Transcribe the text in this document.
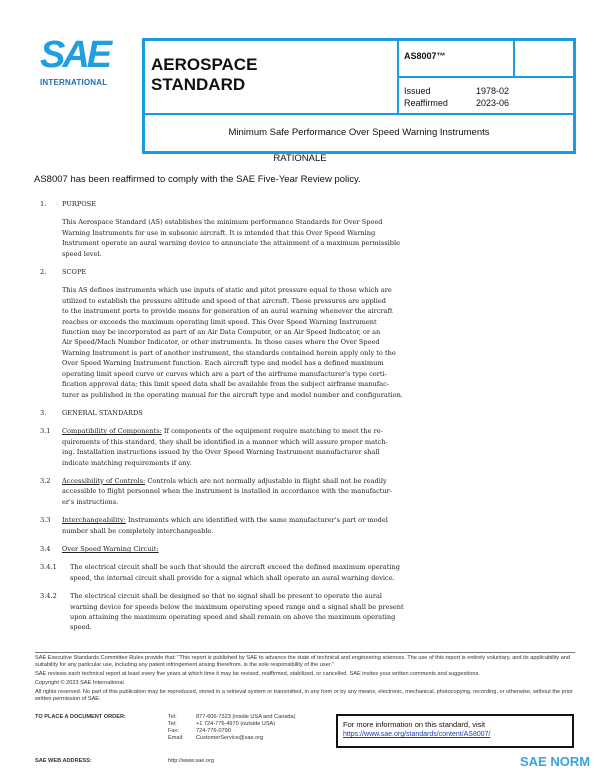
SAE
INTERNATIONAL
AEROSPACE
STANDARD
AS8007™
Issued	1978-02
Reaffirmed	2023-06
Minimum Safe Performance Over Speed Warning Instruments
RATIONALE
AS8007 has been reaffirmed to comply with the SAE Five-Year Review policy.
1. PURPOSE
This Aerospace Standard (AS) establishes the minimum performance Standards for Over Speed
Warning Instruments for use in subsonic aircraft. It is intended that this Over Speed Warning
Instrument operate an aural warning device to annunciate the attainment of a maximum permissible
speed level.
2. SCOPE
This AS defines instruments which use inputs of static and pitot pressure equal to those which are
utilized to establish the pressure altitude and speed of that aircraft. These pressures are applied
to the instrument ports to provide means for generation of an aural warning whenever the aircraft
reaches or exceeds the maximum operating limit speed. This Over Speed Warning Instrument
function may be incorporated as part of an Air Data Computer, or an Air Speed Indicator, or an
Air Speed/Mach Number Indicator, or other instruments. In those cases where the Over Speed
Warning Instrument is part of another instrument, the standards contained herein apply only to the
Over Speed Warning Instrument function. Each aircraft type and model has a defined maximum
operating limit speed curve or curves which are a part of the airframe manufacturer's type certi-
fication approval data; this limit speed data shall be available from the subject airframe manufac-
turer as published in the operating manual for the aircraft type and model number and configuration.
3. GENERAL STANDARDS
3.1 Compatibility of Components: If components of the equipment require matching to meet the re-
quirements of this standard, they shall be identified in a manner which will assure proper match-
ing. Installation instructions issued by the Over Speed Warning Instrument manufacturer shall
indicate matching requirements if any.
3.2 Accessibility of Controls: Controls which are not normally adjustable in flight shall not be readily
accessible to flight personnel when the instrument is installed in accordance with the manufactur-
er's instructions.
3.3 Interchangeability: Instruments which are identified with the same manufacturer's part or model
number shall be completely interchangeable.
3.4 Over Speed Warning Circuit:
3.4.1 The electrical circuit shall be such that should the aircraft exceed the defined maximum operating
speed, the internal circuit shall provide for a signal which shall operate an aural warning device.
3.4.2 The electrical circuit shall be designed so that no signal shall be present to operate the aural
warning device for speeds below the maximum operating speed range and a signal shall be present
upon attaining the maximum operating speed and shall remain on above the maximum operating
speed.
SAE Executive Standards Committee Rules provide that: "This report is published by SAE to advance the state of technical and engineering sciences. The use of this report is entirely voluntary, and its applicability and suitability for any particular use, including any patent infringement arising therefrom, is the sole responsibility of the user."
SAE reviews each technical report at least every five years at which time it may be revised, reaffirmed, stabilized, or cancelled. SAE invites your written comments and suggestions.
Copyright © 2023 SAE International
All rights reserved. No part of this publication may be reproduced, stored in a retrieval system or transmitted, in any form or by any means, electronic, mechanical, photocopying, recording, or otherwise, without the prior written permission of SAE.
TO PLACE A DOCUMENT ORDER:	Tel:	877-606-7323 (inside USA and Canada)
Tel:	+1 724-776-4970 (outside USA)
Fax:	724-776-0790
Email: CustomerService@sae.org
SAE WEB ADDRESS:	http://www.sae.org
For more information on this standard, visit
https://www.sae.org/standards/content/AS8007/
SAE NORM
